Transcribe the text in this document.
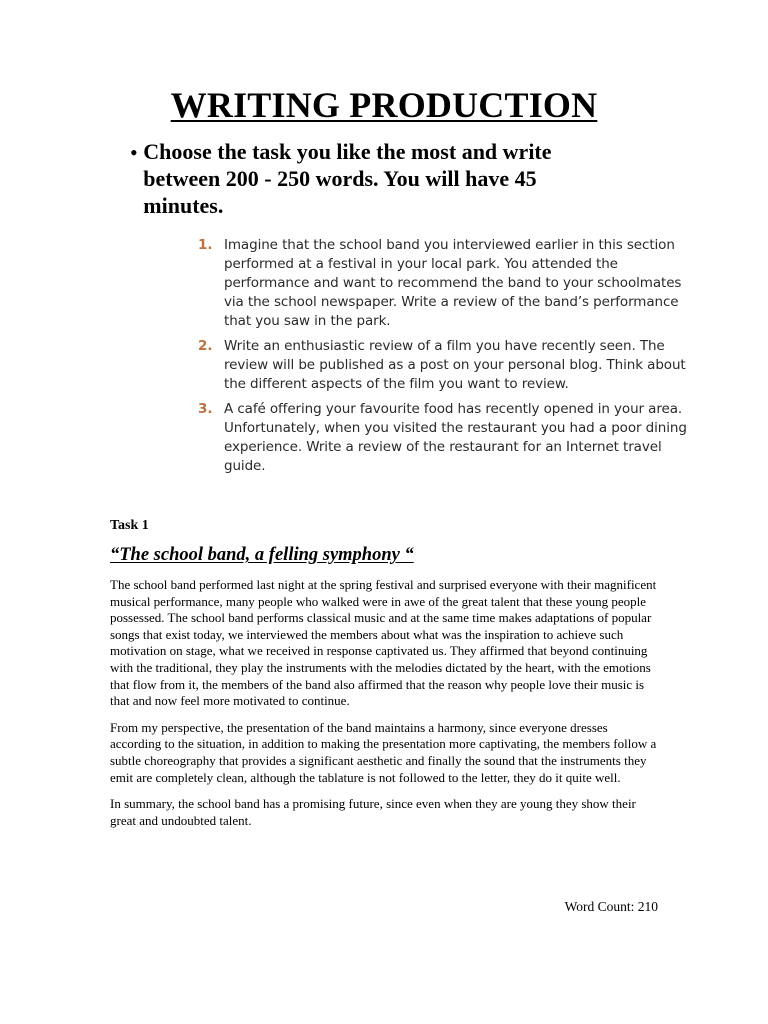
WRITING PRODUCTION
• Choose the task you like the most and write between 200 - 250 words. You will have 45 minutes.

1. Imagine that the school band you interviewed earlier in this section performed at a festival in your local park. You attended the performance and want to recommend the band to your schoolmates via the school newspaper. Write a review of the band’s performance that you saw in the park.
2. Write an enthusiastic review of a film you have recently seen. The review will be published as a post on your personal blog. Think about the different aspects of the film you want to review.
3. A café offering your favourite food has recently opened in your area. Unfortunately, when you visited the restaurant you had a poor dining experience. Write a review of the restaurant for an Internet travel guide.

Task 1

“The school band, a felling symphony “

The school band performed last night at the spring festival and surprised everyone with their magnificent musical performance, many people who walked were in awe of the great talent that these young people possessed. The school band performs classical music and at the same time makes adaptations of popular songs that exist today, we interviewed the members about what was the inspiration to achieve such motivation on stage, what we received in response captivated us. They affirmed that beyond continuing with the traditional, they play the instruments with the melodies dictated by the heart, with the emotions that flow from it, the members of the band also affirmed that the reason why people love their music is that and now feel more motivated to continue.

From my perspective, the presentation of the band maintains a harmony, since everyone dresses according to the situation, in addition to making the presentation more captivating, the members follow a subtle choreography that provides a significant aesthetic and finally the sound that the instruments they emit are completely clean, although the tablature is not followed to the letter, they do it quite well.

In summary, the school band has a promising future, since even when they are young they show their great and undoubted talent.

Word Count: 210
